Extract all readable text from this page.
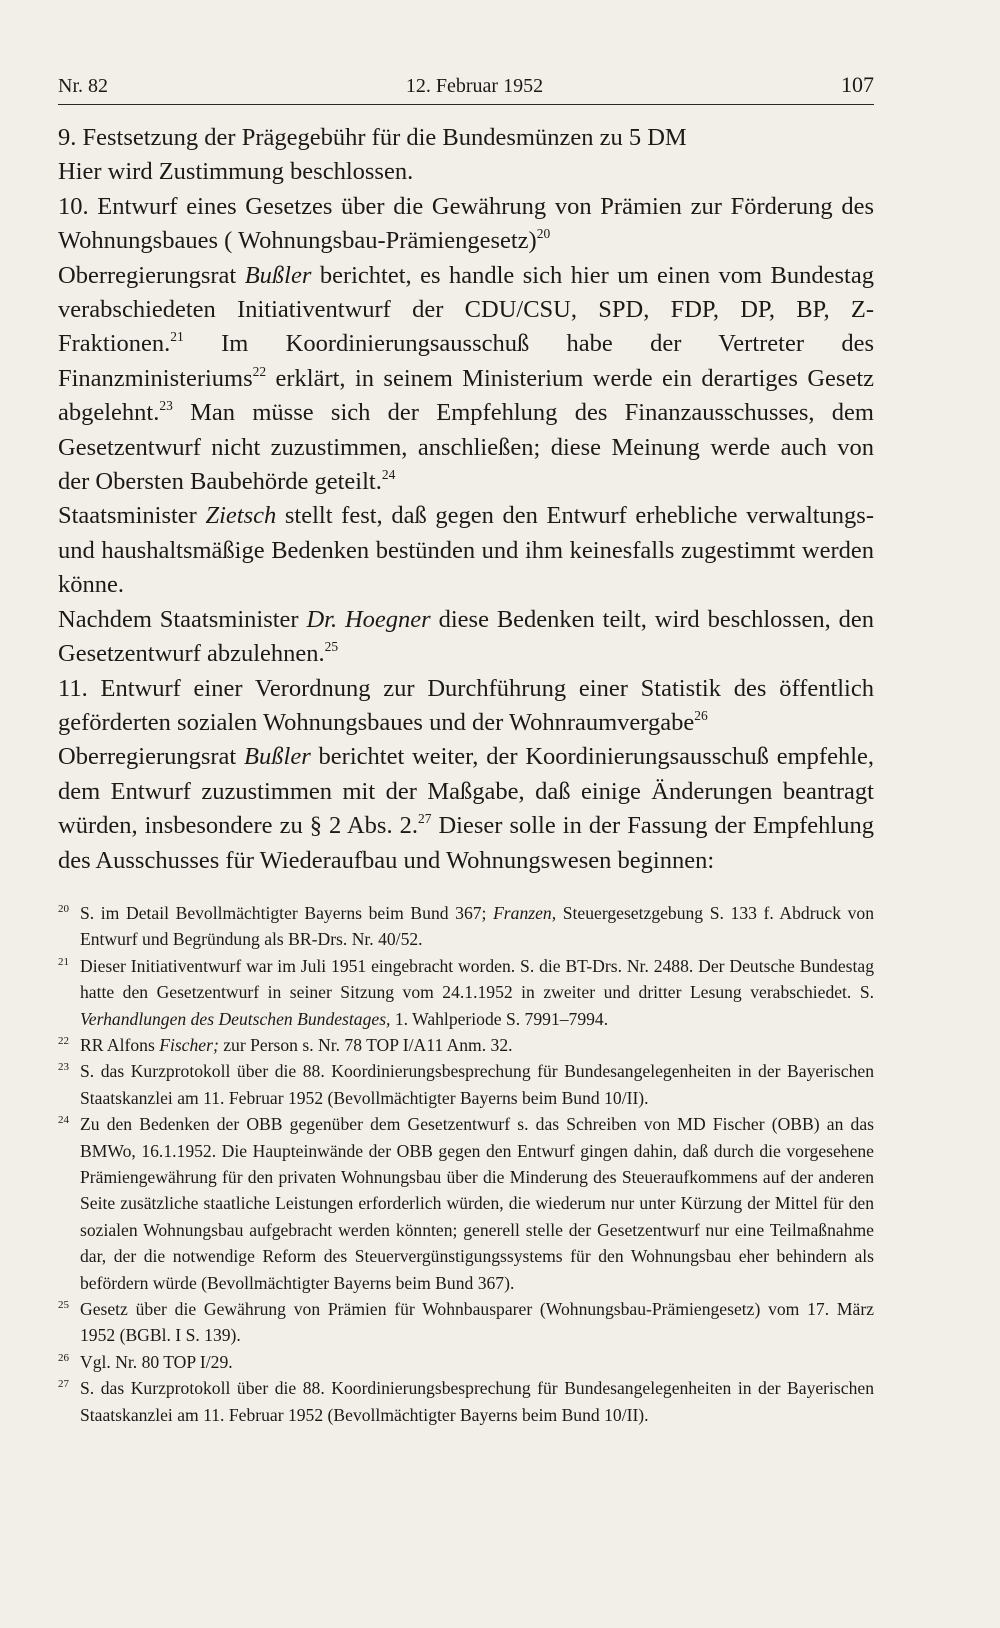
Nr. 82	12. Februar 1952	107

9. Festsetzung der Prägegebühr für die Bundesmünzen zu 5 DM

Hier wird Zustimmung beschlossen.

10. Entwurf eines Gesetzes über die Gewährung von Prämien zur Förderung des Wohnungsbaues ( Wohnungsbau-Prämiengesetz)$^{20}$

Oberregierungsrat Bußler berichtet, es handle sich hier um einen vom Bundestag verabschiedeten Initiativentwurf der CDU/CSU, SPD, FDP, DP, BP, Z-Fraktionen.$^{21}$ Im Koordinierungsausschuß habe der Vertreter des Finanzministeriums$^{22}$ erklärt, in seinem Ministerium werde ein derartiges Gesetz abgelehnt.$^{23}$ Man müsse sich der Empfehlung des Finanzausschusses, dem Gesetzentwurf nicht zuzustimmen, anschließen; diese Meinung werde auch von der Obersten Baubehörde geteilt.$^{24}$

Staatsminister Zietsch stellt fest, daß gegen den Entwurf erhebliche verwaltungs- und haushaltsmäßige Bedenken bestünden und ihm keinesfalls zugestimmt werden könne.

Nachdem Staatsminister Dr. Hoegner diese Bedenken teilt, wird beschlossen, den Gesetzentwurf abzulehnen.$^{25}$

11. Entwurf einer Verordnung zur Durchführung einer Statistik des öffentlich geförderten sozialen Wohnungsbaues und der Wohnraumvergabe$^{26}$

Oberregierungsrat Bußler berichtet weiter, der Koordinierungsausschuß empfehle, dem Entwurf zuzustimmen mit der Maßgabe, daß einige Änderungen beantragt würden, insbesondere zu § 2 Abs. 2.27 Dieser solle in der Fassung der Empfehlung des Ausschusses für Wiederaufbau und Wohnungswesen beginnen:

20 S. im Detail Bevollmächtigter Bayerns beim Bund 367; Franzen, Steuergesetzgebung S. 133 f. Abdruck von Entwurf und Begründung als BR-Drs. Nr. 40/52.
21 Dieser Initiativentwurf war im Juli 1951 eingebracht worden. S. die BT-Drs. Nr. 2488. Der Deutsche Bundestag hatte den Gesetzentwurf in seiner Sitzung vom 24.1.1952 in zweiter und dritter Lesung verabschiedet. S. Verhandlungen des Deutschen Bundestages, 1. Wahlperiode S. 7991–7994.
22 RR Alfons Fischer; zur Person s. Nr. 78 TOP I/A11 Anm. 32.
23 S. das Kurzprotokoll über die 88. Koordinierungsbesprechung für Bundesangelegenheiten in der Bayerischen Staatskanzlei am 11. Februar 1952 (Bevollmächtigter Bayerns beim Bund 10/II).
24 Zu den Bedenken der OBB gegenüber dem Gesetzentwurf s. das Schreiben von MD Fischer (OBB) an das BMWo, 16.1.1952. Die Haupteinwände der OBB gegen den Entwurf gingen dahin, daß durch die vorgesehene Prämiengewährung für den privaten Wohnungsbau über die Minderung des Steueraufkommens auf der anderen Seite zusätzliche staatliche Leistungen erforderlich würden, die wiederum nur unter Kürzung der Mittel für den sozialen Wohnungsbau aufgebracht werden könnten; generell stelle der Gesetzentwurf nur eine Teilmaßnahme dar, der die notwendige Reform des Steuervergünstigungssystems für den Wohnungsbau eher behindern als befördern würde (Bevollmächtigter Bayerns beim Bund 367).
25 Gesetz über die Gewährung von Prämien für Wohnbausparer (Wohnungsbau-Prämiengesetz) vom 17. März 1952 (BGBl. I S. 139).
26 Vgl. Nr. 80 TOP I/29.
27 S. das Kurzprotokoll über die 88. Koordinierungsbesprechung für Bundesangelegenheiten in der Bayerischen Staatskanzlei am 11. Februar 1952 (Bevollmächtigter Bayerns beim Bund 10/II).
